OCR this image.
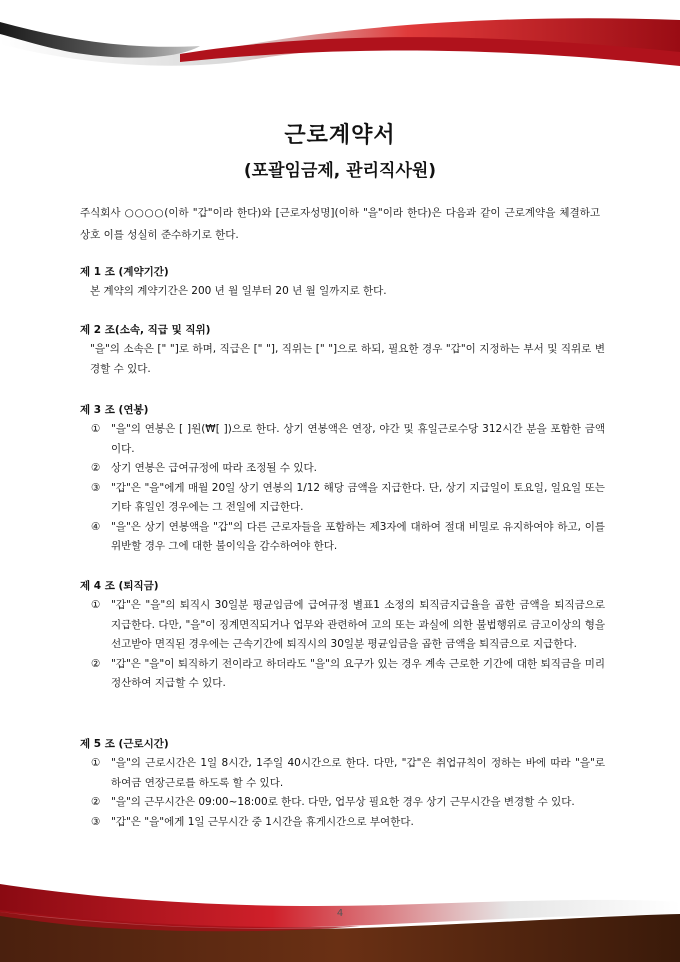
근로계약서
(포괄임금제, 관리직사원)
주식회사 ○○○○(이하 "갑"이라 한다)와 [근로자성명](이하 "을"이라 한다)은 다음과 같이 근로계약을 체결하고 상호 이를 성실히 준수하기로 한다.
제 1 조 (계약기간)
본 계약의 계약기간은 200 년 월 일부터 20 년 월 일까지로 한다.
제 2 조(소속, 직급 및 직위)
"을"의 소속은 [" "]로 하며, 직급은 [" "], 직위는 [" "]으로 하되, 필요한 경우 "갑"이 지정하는 부서 및 직위로 변경할 수 있다.
제 3 조 (연봉)
①	"을"의 연봉은 [ ]원(₩[ ])으로 한다. 상기 연봉액은 연장, 야간 및 휴일근로수당 312시간 분을 포함한 금액이다.
②	상기 연봉은 급여규정에 따라 조정될 수 있다.
③	"갑"은 "을"에게 매월 20일 상기 연봉의 1/12 해당 금액을 지급한다. 단, 상기 지급일이 토요일, 일요일 또는 기타 휴일인 경우에는 그 전일에 지급한다.
④	"을"은 상기 연봉액을 "갑"의 다른 근로자들을 포함하는 제3자에 대하여 절대 비밀로 유지하여야 하고, 이를 위반할 경우 그에 대한 불이익을 감수하여야 한다.
제 4 조 (퇴직금)
①	"갑"은 "을"의 퇴직시 30일분 평균임금에 급여규정 별표1 소정의 퇴직금지급율을 곱한 금액을 퇴직금으로 지급한다. 다만, "을"이 징계면직되거나 업무와 관련하여 고의 또는 과실에 의한 불법행위로 금고이상의 형을 선고받아 면직된 경우에는 근속기간에 퇴직시의 30일분 평균임금을 곱한 금액을 퇴직금으로 지급한다.
②	"갑"은 "을"이 퇴직하기 전이라고 하더라도 "을"의 요구가 있는 경우 계속 근로한 기간에 대한 퇴직금을 미리 정산하여 지급할 수 있다.
제 5 조 (근로시간)
①	"을"의 근로시간은 1일 8시간, 1주일 40시간으로 한다. 다만, "갑"은 취업규칙이 정하는 바에 따라 "을"로 하여금 연장근로를 하도록 할 수 있다.
②	"을"의 근무시간은 09:00~18:00로 한다. 다만, 업무상 필요한 경우 상기 근무시간을 변경할 수 있다.
③	"갑"은 "을"에게 1일 근무시간 중 1시간을 휴게시간으로 부여한다.
4
